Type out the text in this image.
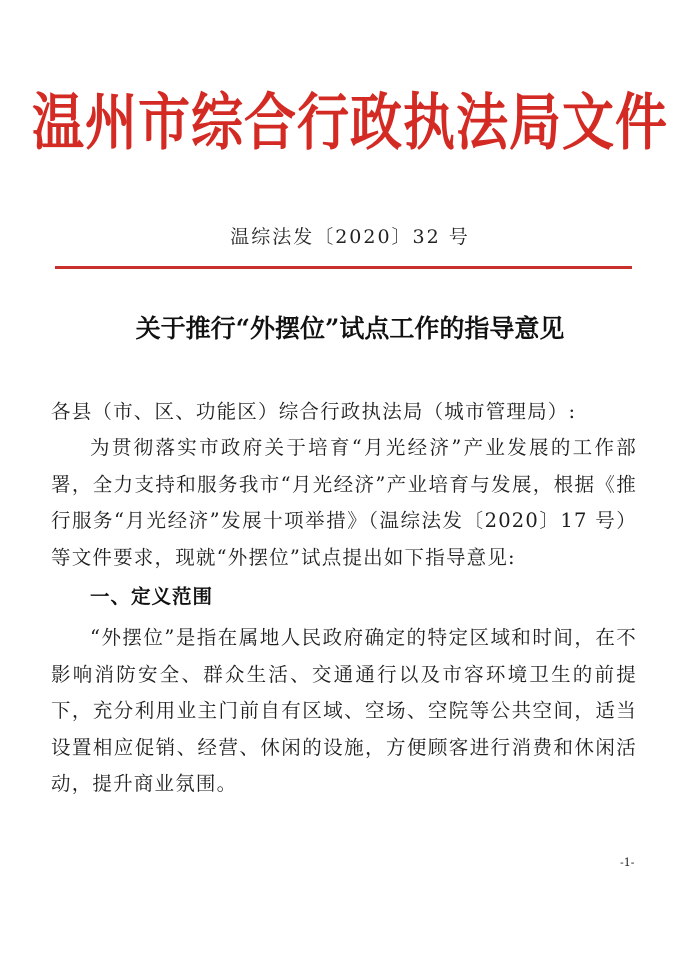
温州市综合行政执法局文件
温综法发〔2020〕32 号
关于推行“外摆位”试点工作的指导意见
各县（市、区、功能区）综合行政执法局（城市管理局）:
为贯彻落实市政府关于培育“月光经济”产业发展的工作部署，全力支持和服务我市“月光经济”产业培育与发展，根据《推行服务“月光经济”发展十项举措》（温综法发〔2020〕17 号）等文件要求，现就“外摆位”试点提出如下指导意见:
一、定义范围
“外摆位”是指在属地人民政府确定的特定区域和时间，在不影响消防安全、群众生活、交通通行以及市容环境卫生的前提下，充分利用业主门前自有区域、空场、空院等公共空间，适当设置相应促销、经营、休闲的设施，方便顾客进行消费和休闲活动，提升商业氛围。
-1-
